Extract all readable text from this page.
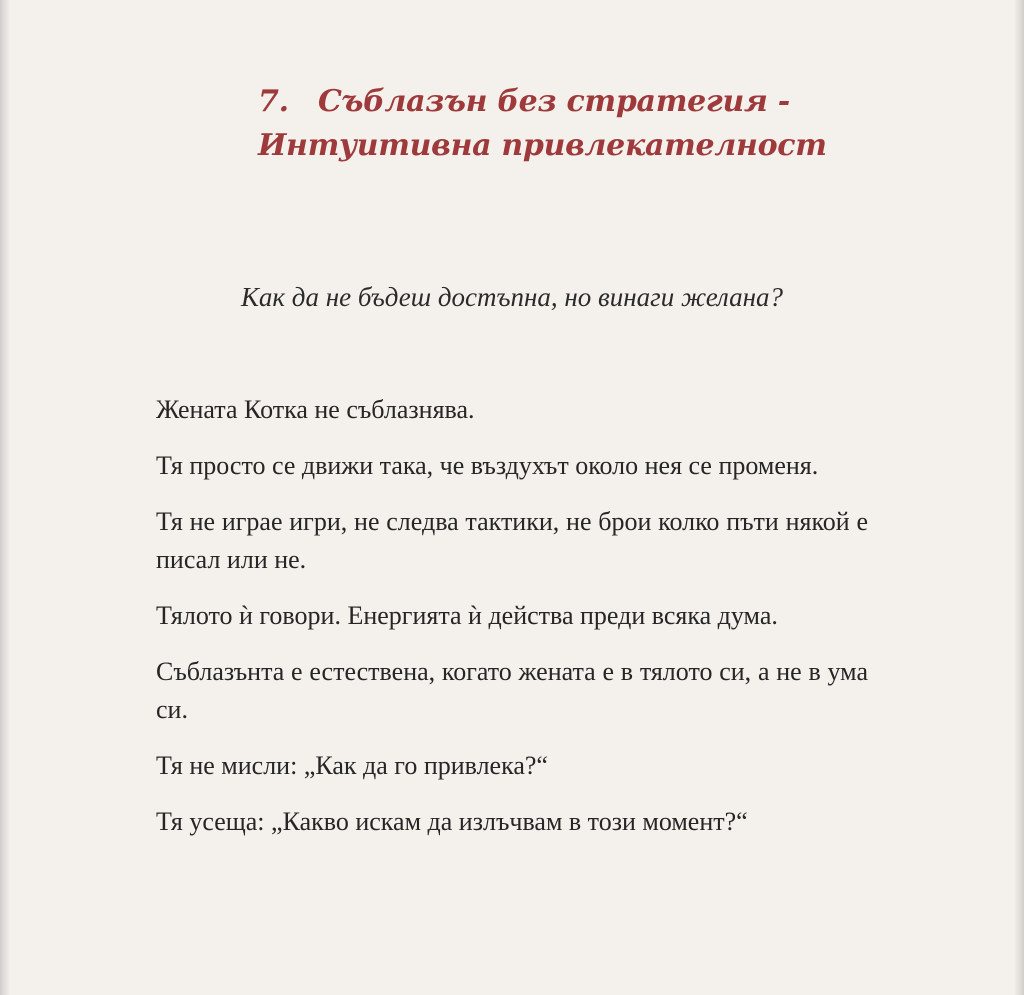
7. Съблазън без стратегия -
Интуитивна привлекателност
Как да не бъдеш достъпна, но винаги желана?

Жената Котка не съблазнява.

Тя просто се движи така, че въздухът около нея се променя.

Тя не играе игри, не следва тактики, не брои колко пъти някой е писал или не.

Тялото ѝ говори. Енергията ѝ действа преди всяка дума.

Съблазънта е естествена, когато жената е в тялото си, а не в ума си.

Тя не мисли: „Как да го привлека?“

Тя усеща: „Какво искам да излъчвам в този момент?“
